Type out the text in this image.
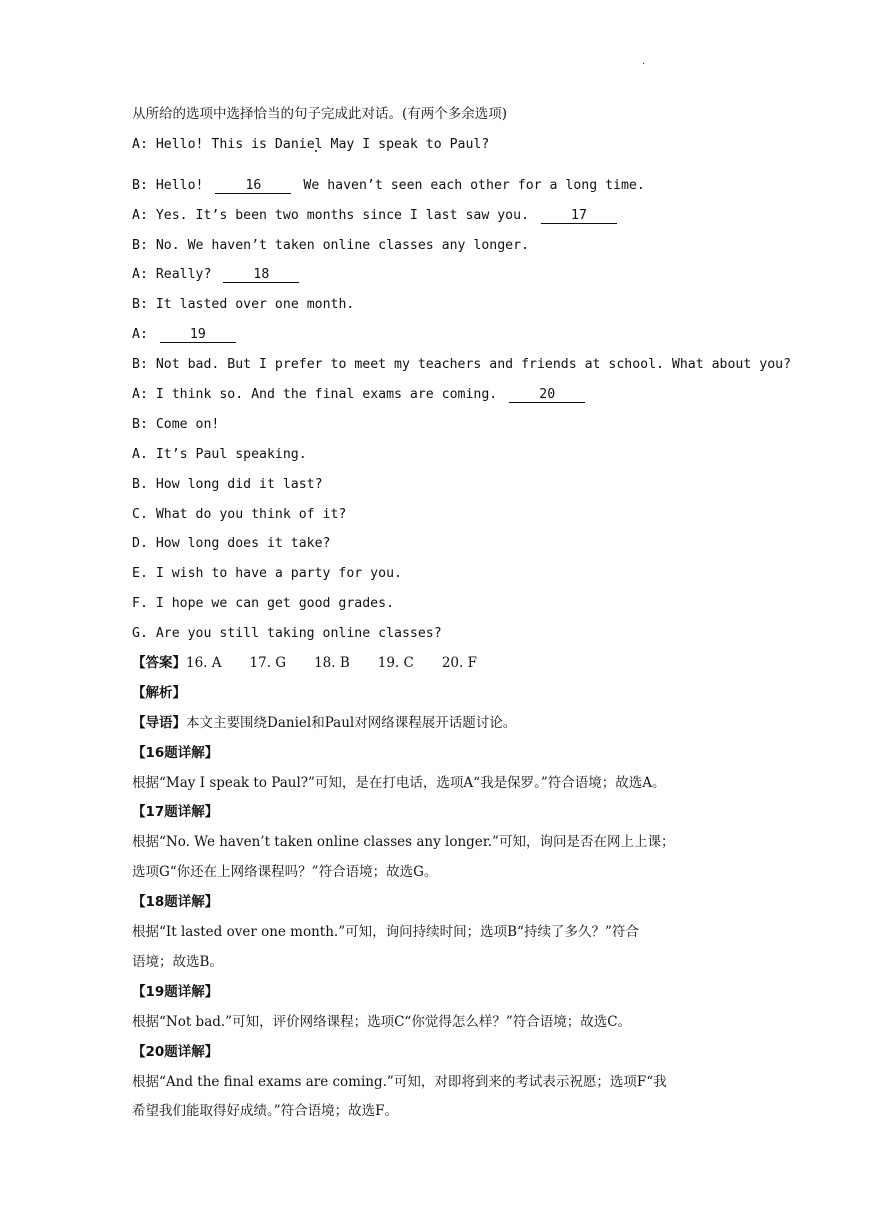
.
从所给的选项中选择恰当的句子完成此对话。(有两个多余选项)
A: Hello! This is Daniel May I speak to Paul?
B: Hello!	16	We haven’t seen each other for a long time.
A: Yes. It’s been two months since I last saw you.	17
B: No. We haven’t taken online classes any longer.
A: Really?	18
B: It lasted over one month.
A:	19
B: Not bad. But I prefer to meet my teachers and friends at school. What about you?
A: I think so. And the final exams are coming.	20
B: Come on!
A. It’s Paul speaking.
B. How long did it last?
C. What do you think of it?
D. How long does it take?
E. I wish to have a party for you.
F. I hope we can get good grades.
G. Are you still taking online classes?
【答案】16. A 17. G 18. B 19. C 20. F
【解析】
【导语】本文主要围绕Daniel和Paul对网络课程展开话题讨论。
【16题详解】
根据“May I speak to Paul?”可知，是在打电话，选项A“我是保罗。”符合语境；故选A。
【17题详解】
根据“No. We haven’t taken online classes any longer.”可知，询问是否在网上上课；
选项G“你还在上网络课程吗？”符合语境；故选G。
【18题详解】
根据“It lasted over one month.”可知，询问持续时间；选项B“持续了多久？”符合
语境；故选B。
【19题详解】
根据“Not bad.”可知，评价网络课程；选项C“你觉得怎么样？”符合语境；故选C。
【20题详解】
根据“And the final exams are coming.”可知，对即将到来的考试表示祝愿；选项F“我
希望我们能取得好成绩。”符合语境；故选F。
